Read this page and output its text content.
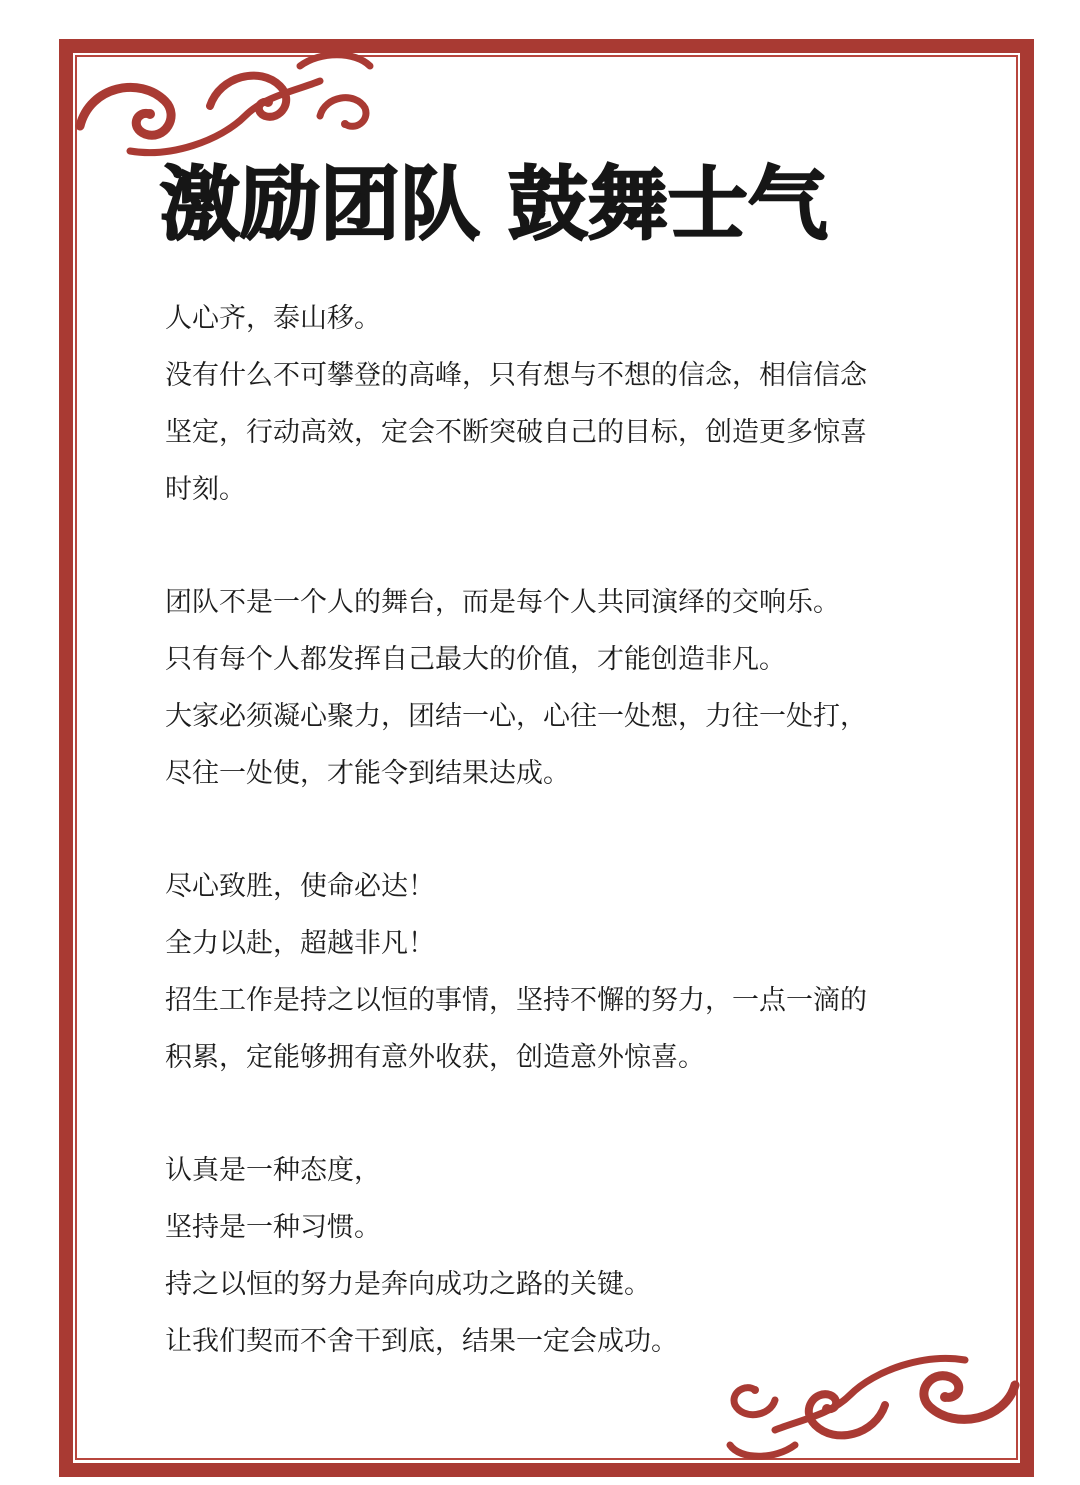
激励团队 鼓舞士气
人心齐，泰山移。
没有什么不可攀登的高峰，只有想与不想的信念，相信信念
坚定，行动高效，定会不断突破自己的目标，创造更多惊喜
时刻。
团队不是一个人的舞台，而是每个人共同演绎的交响乐。
只有每个人都发挥自己最大的价值，才能创造非凡。
大家必须凝心聚力，团结一心，心往一处想，力往一处打，
尽往一处使，才能令到结果达成。
尽心致胜，使命必达！
全力以赴，超越非凡！
招生工作是持之以恒的事情，坚持不懈的努力，一点一滴的
积累，定能够拥有意外收获，创造意外惊喜。
认真是一种态度，
坚持是一种习惯。
持之以恒的努力是奔向成功之路的关键。
让我们契而不舍干到底，结果一定会成功。
